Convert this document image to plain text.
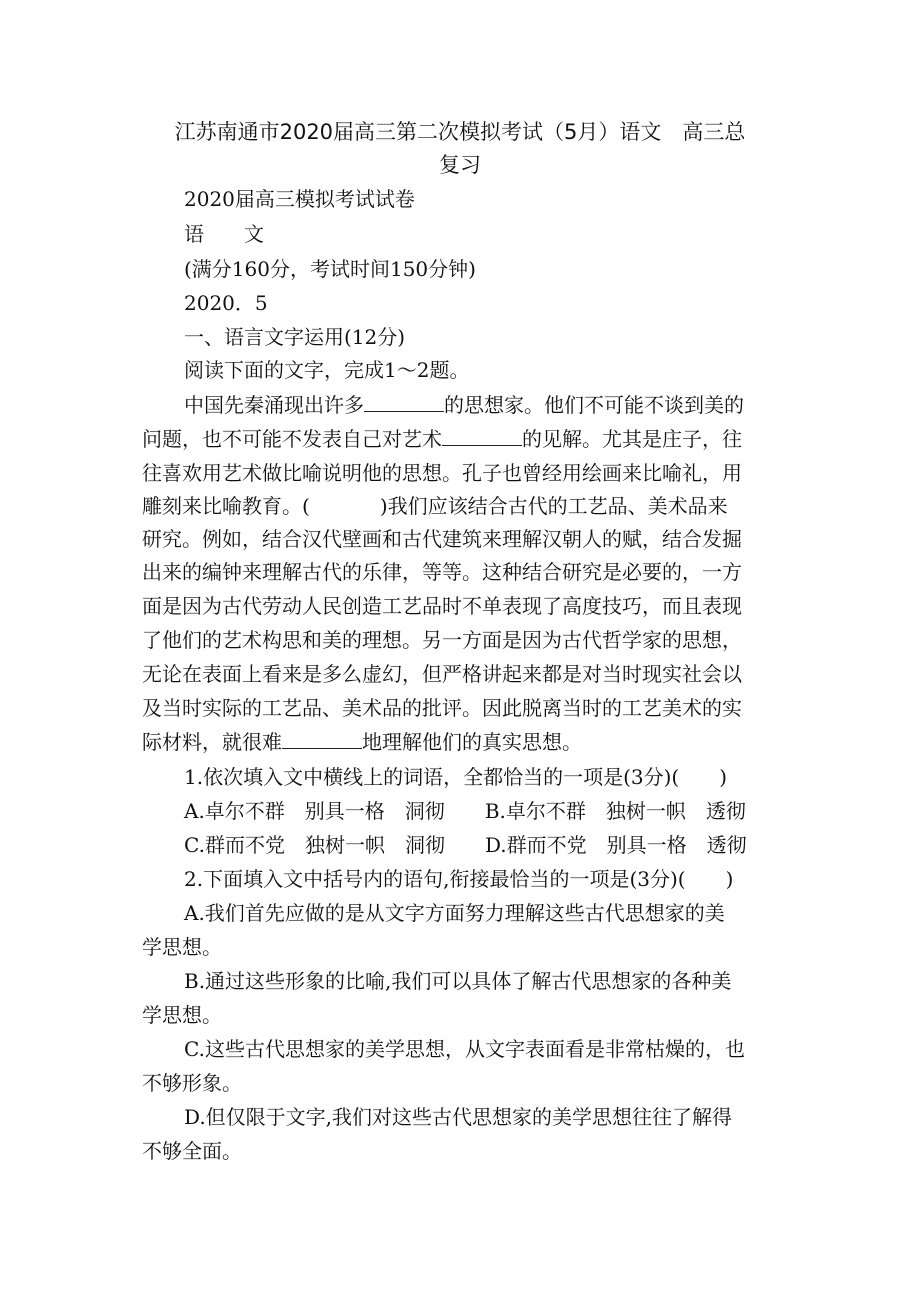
江苏南通市2020届高三第二次模拟考试（5月）语文　高三总
复习
2020届高三模拟考试试卷
语　　文
(满分160分，考试时间150分钟)
2020．5
一、语言文字运用(12分)
阅读下面的文字，完成1～2题。
中国先秦涌现出许多	的思想家。他们不可能不谈到美的
问题，也不可能不发表自己对艺术	的见解。尤其是庄子，往
往喜欢用艺术做比喻说明他的思想。孔子也曾经用绘画来比喻礼，用
雕刻来比喻教育。(	)我们应该结合古代的工艺品、美术品来
研究。例如，结合汉代壁画和古代建筑来理解汉朝人的赋，结合发掘
出来的编钟来理解古代的乐律，等等。这种结合研究是必要的，一方
面是因为古代劳动人民创造工艺品时不单表现了高度技巧，而且表现
了他们的艺术构思和美的理想。另一方面是因为古代哲学家的思想，
无论在表面上看来是多么虚幻，但严格讲起来都是对当时现实社会以
及当时实际的工艺品、美术品的批评。因此脱离当时的工艺美术的实
际材料，就很难	地理解他们的真实思想。
1.依次填入文中横线上的词语，全都恰当的一项是(3分)(　　)
A.卓尔不群　别具一格　洞彻 B.卓尔不群　独树一帜　透彻
C.群而不党　独树一帜　洞彻 D.群而不党　别具一格　透彻
2.下面填入文中括号内的语句,衔接最恰当的一项是(3分)(　　)
A.我们首先应做的是从文字方面努力理解这些古代思想家的美
学思想。
B.通过这些形象的比喻,我们可以具体了解古代思想家的各种美
学思想。
C.这些古代思想家的美学思想，从文字表面看是非常枯燥的，也
不够形象。
D.但仅限于文字,我们对这些古代思想家的美学思想往往了解得
不够全面。
